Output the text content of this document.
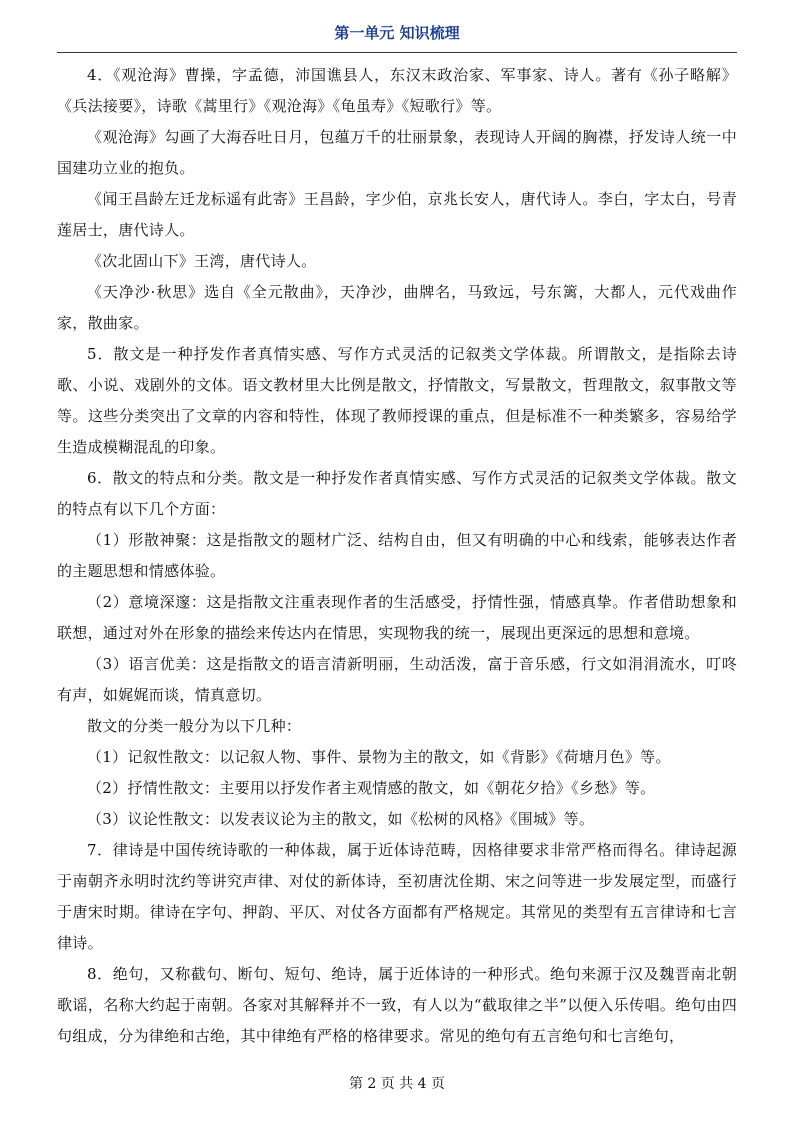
第一单元 知识梳理

4．《观沧海》曹操，字孟德，沛国谯县人，东汉末政治家、军事家、诗人。著有《孙子略解》《兵法接要》，诗歌《蒿里行》《观沧海》《龟虽寿》《短歌行》等。

《观沧海》勾画了大海吞吐日月，包蕴万千的壮丽景象，表现诗人开阔的胸襟，抒发诗人统一中国建功立业的抱负。

《闻王昌龄左迁龙标遥有此寄》王昌龄，字少伯，京兆长安人，唐代诗人。李白，字太白，号青莲居士，唐代诗人。

《次北固山下》王湾，唐代诗人。

《天净沙·秋思》选自《全元散曲》，天净沙，曲牌名，马致远，号东篱，大都人，元代戏曲作家，散曲家。

5．散文是一种抒发作者真情实感、写作方式灵活的记叙类文学体裁。所谓散文，是指除去诗歌、小说、戏剧外的文体。语文教材里大比例是散文，抒情散文，写景散文，哲理散文，叙事散文等等。这些分类突出了文章的内容和特性，体现了教师授课的重点，但是标准不一种类繁多，容易给学生造成模糊混乱的印象。

6．散文的特点和分类。散文是一种抒发作者真情实感、写作方式灵活的记叙类文学体裁。散文的特点有以下几个方面：

（1）形散神聚：这是指散文的题材广泛、结构自由，但又有明确的中心和线索，能够表达作者的主题思想和情感体验。

（2）意境深邃：这是指散文注重表现作者的生活感受，抒情性强，情感真挚。作者借助想象和联想，通过对外在形象的描绘来传达内在情思，实现物我的统一，展现出更深远的思想和意境。

（3）语言优美：这是指散文的语言清新明丽，生动活泼，富于音乐感，行文如涓涓流水，叮咚有声，如娓娓而谈，情真意切。

散文的分类一般分为以下几种：

（1）记叙性散文：以记叙人物、事件、景物为主的散文，如《背影》《荷塘月色》等。

（2）抒情性散文：主要用以抒发作者主观情感的散文，如《朝花夕拾》《乡愁》等。

（3）议论性散文：以发表议论为主的散文，如《松树的风格》《围城》等。

7．律诗是中国传统诗歌的一种体裁，属于近体诗范畴，因格律要求非常严格而得名。律诗起源于南朝齐永明时沈约等讲究声律、对仗的新体诗，至初唐沈佺期、宋之问等进一步发展定型，而盛行于唐宋时期。律诗在字句、押韵、平仄、对仗各方面都有严格规定。其常见的类型有五言律诗和七言律诗。

8．绝句，又称截句、断句、短句、绝诗，属于近体诗的一种形式。绝句来源于汉及魏晋南北朝歌谣，名称大约起于南朝。各家对其解释并不一致，有人以为“截取律之半”以便入乐传唱。绝句由四句组成，分为律绝和古绝，其中律绝有严格的格律要求。常见的绝句有五言绝句和七言绝句，

第 2 页 共 4 页
